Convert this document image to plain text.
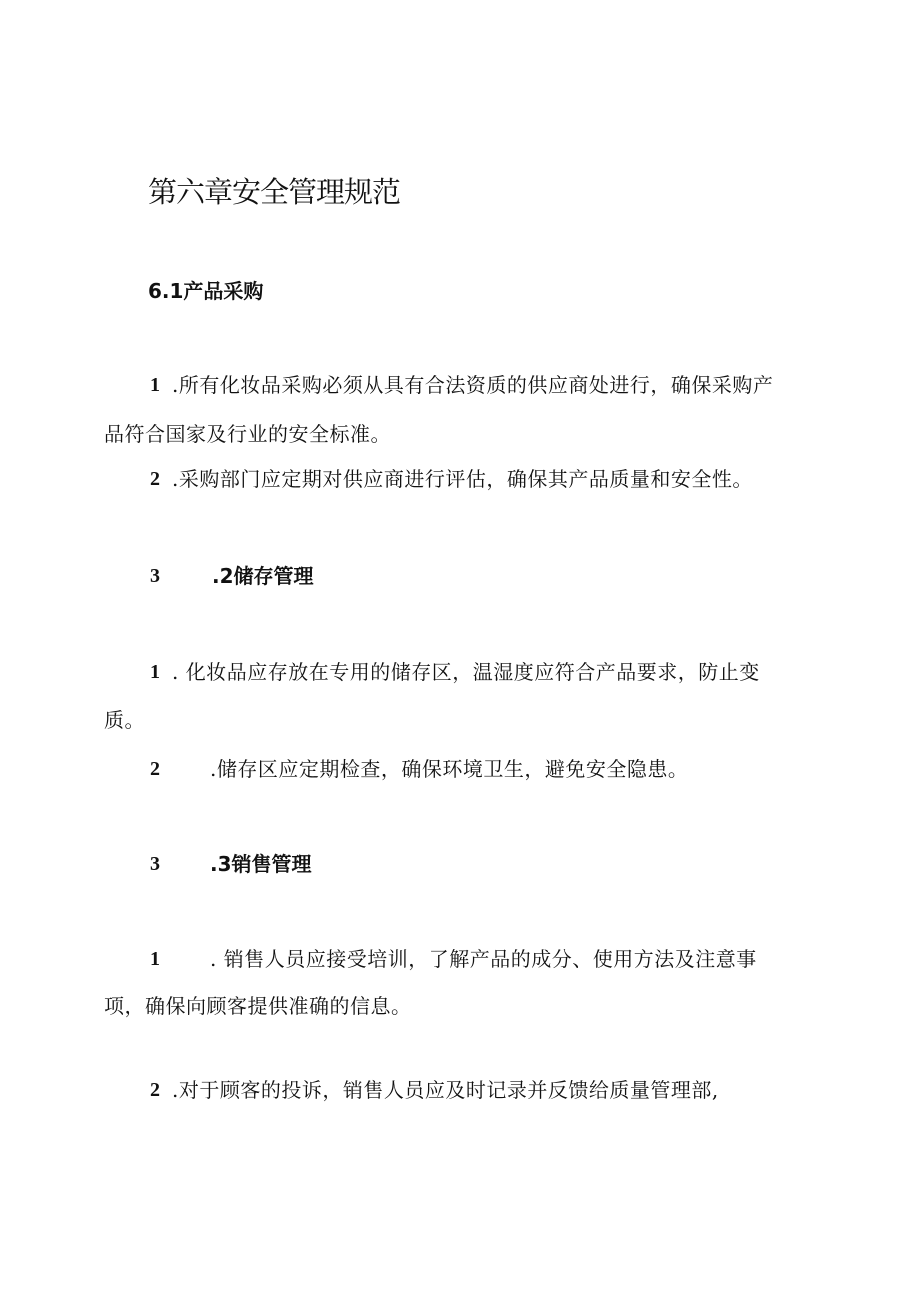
第六章安全管理规范
6.1产品采购
1 .所有化妆品采购必须从具有合法资质的供应商处进行，确保采购产
品符合国家及行业的安全标准。
2 .采购部门应定期对供应商进行评估，确保其产品质量和安全性。
3	.2储存管理
1 . 化妆品应存放在专用的储存区，温湿度应符合产品要求，防止变
质。
2	.储存区应定期检查，确保环境卫生，避免安全隐患。
3	.3销售管理
1	. 销售人员应接受培训，了解产品的成分、使用方法及注意事
项，确保向顾客提供准确的信息。
2 .对于顾客的投诉，销售人员应及时记录并反馈给质量管理部,
